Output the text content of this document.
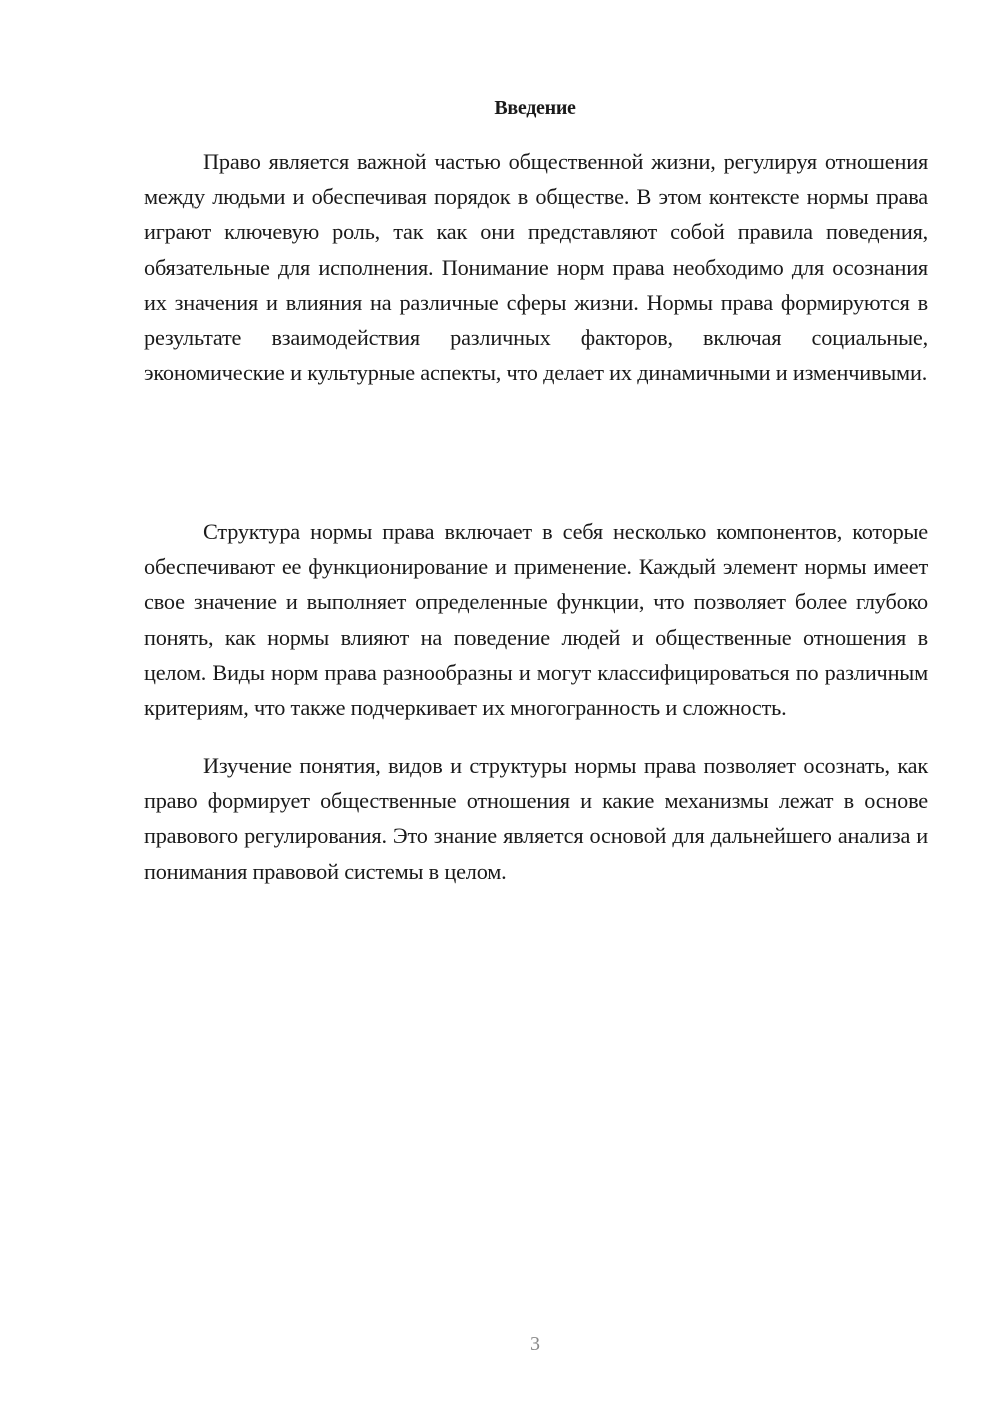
Введение

Право является важной частью общественной жизни, регулируя отношения между людьми и обеспечивая порядок в обществе. В этом контексте нормы права играют ключевую роль, так как они представляют собой правила поведения, обязательные для исполнения. Понимание норм права необходимо для осознания их значения и влияния на различные сферы жизни. Нормы права формируются в результате взаимодействия различных факторов, включая социальные, экономические и культурные аспекты, что делает их динамичными и изменчивыми.

Структура нормы права включает в себя несколько компонентов, которые обеспечивают ее функционирование и применение. Каждый элемент нормы имеет свое значение и выполняет определенные функции, что позволяет более глубоко понять, как нормы влияют на поведение людей и общественные отношения в целом. Виды норм права разнообразны и могут классифицироваться по различным критериям, что также подчеркивает их многогранность и сложность.

Изучение понятия, видов и структуры нормы права позволяет осознать, как право формирует общественные отношения и какие механизмы лежат в основе правового регулирования. Это знание является основой для дальнейшего анализа и понимания правовой системы в целом.

3
